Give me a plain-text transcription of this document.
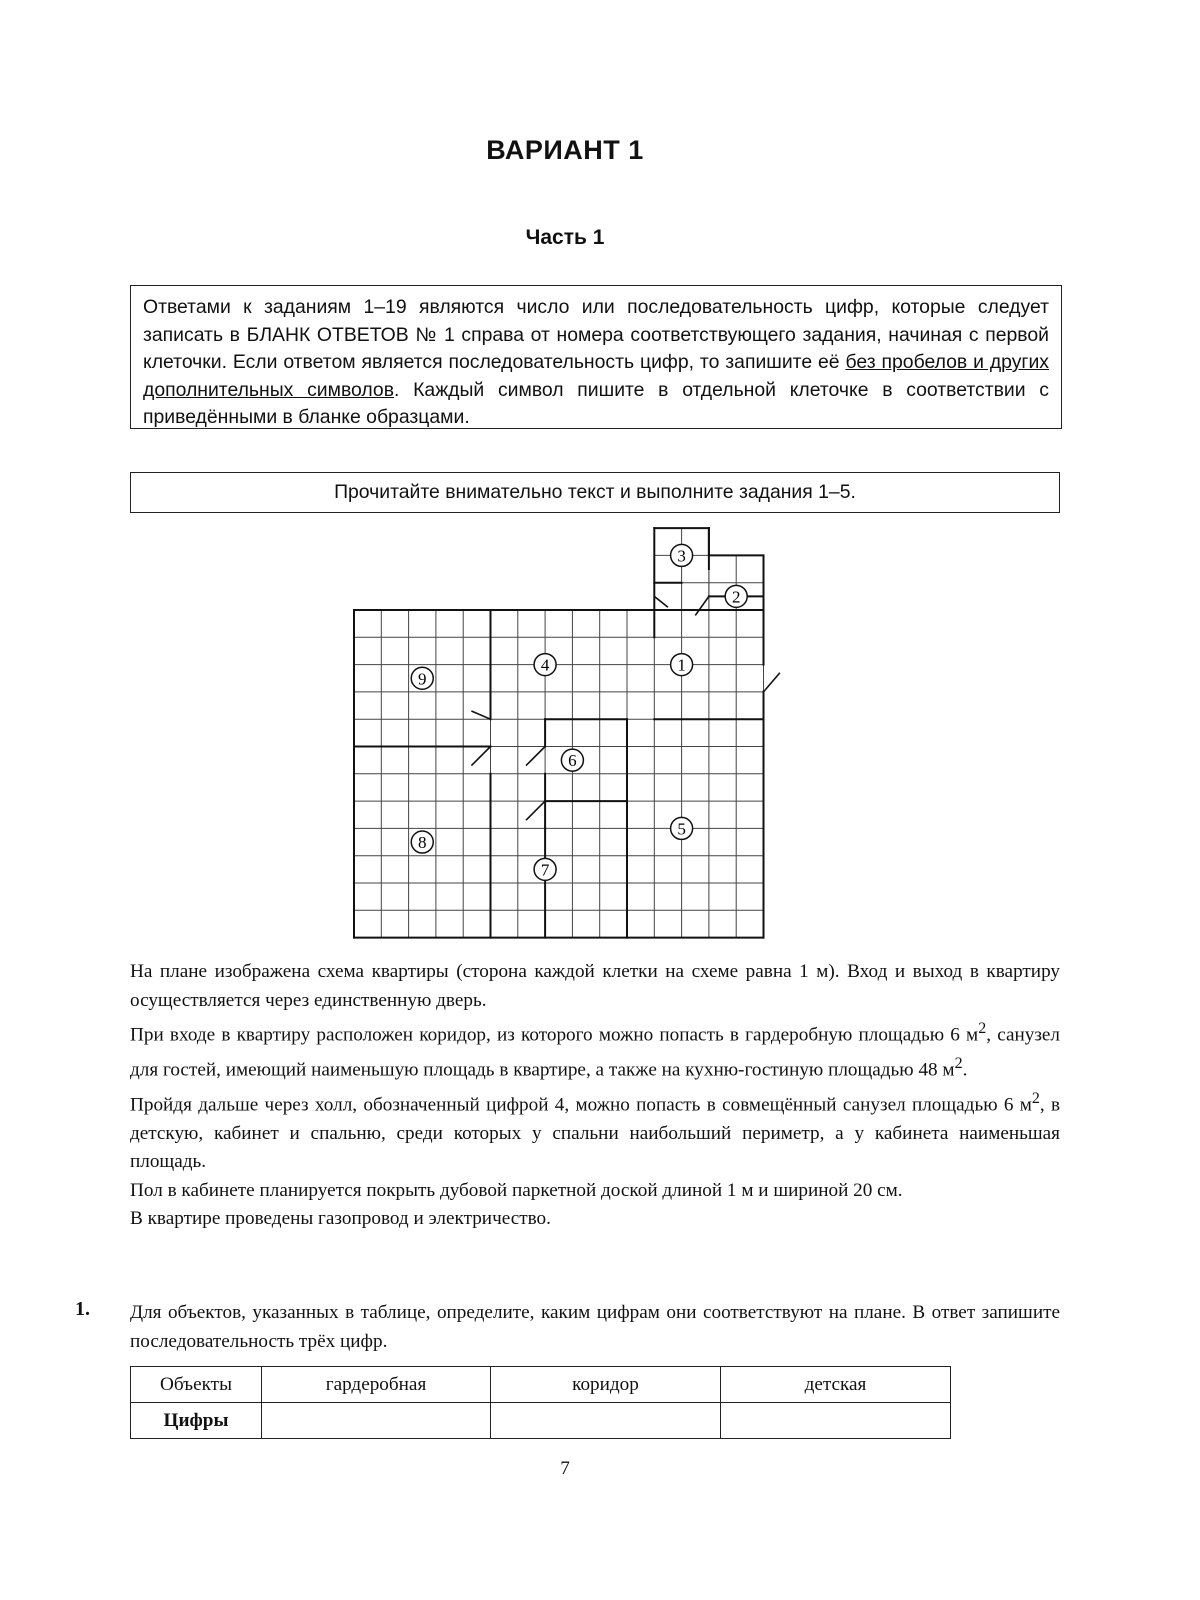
ВАРИАНТ 1
Часть 1
Ответами к заданиям 1–19 являются число или последовательность цифр, которые следует записать в БЛАНК ОТВЕТОВ № 1 справа от номера соответствующего задания, начиная с первой клеточки. Если ответом является последовательность цифр, то запишите её без пробелов и других дополнительных символов. Каждый символ пишите в отдельной клеточке в соответствии с приведёнными в бланке образцами.
Прочитайте внимательно текст и выполните задания 1–5.
1
2
3
4
5
6
7
8
9

На плане изображена схема квартиры (сторона каждой клетки на схеме равна 1 м). Вход и выход в квартиру осуществляется через единственную дверь.

При входе в квартиру расположен коридор, из которого можно попасть в гардеробную площадью 6 $м^2$, санузел для гостей, имеющий наименьшую площадь в квартире, а также на кухню-гостиную площадью 48 $м^2$.

Пройдя дальше через холл, обозначенный цифрой 4, можно попасть в совмещённый санузел площадью 6 $м^2$, в детскую, кабинет и спальню, среди которых у спальни наибольший периметр, а у кабинета наименьшая площадь.

Пол в кабинете планируется покрыть дубовой паркетной доской длиной 1 м и шириной 20 см.

В квартире проведены газопровод и электричество.

1. Для объектов, указанных в таблице, определите, каким цифрам они соответствуют на плане. В ответ запишите последовательность трёх цифр.
Объекты	гардеробная	коридор	детская
Цифры			
7
